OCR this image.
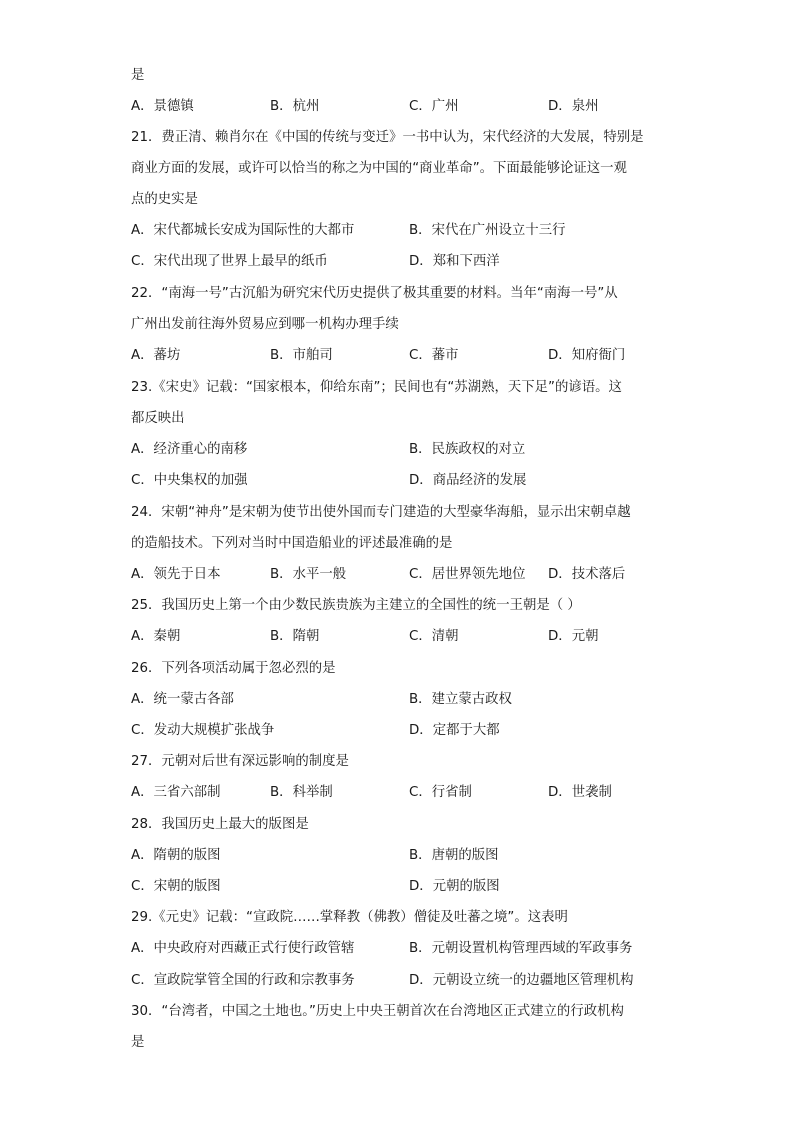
是
A．景德镇	B．杭州	C．广州	D．泉州
21．费正清、赖肖尔在《中国的传统与变迁》一书中认为，宋代经济的大发展，特别是
商业方面的发展，或许可以恰当的称之为中国的“商业革命”。下面最能够论证这一观
点的史实是
A．宋代都城长安成为国际性的大都市	B．宋代在广州设立十三行
C．宋代出现了世界上最早的纸币	D．郑和下西洋
22．“南海一号”古沉船为研究宋代历史提供了极其重要的材料。当年“南海一号”从
广州出发前往海外贸易应到哪一机构办理手续
A．蕃坊	B．市舶司	C．蕃市	D．知府衙门
23.《宋史》记载：“国家根本，仰给东南”；民间也有“苏湖熟，天下足”的谚语。这
都反映出
A．经济重心的南移	B．民族政权的对立
C．中央集权的加强	D．商品经济的发展
24．宋朝“神舟”是宋朝为使节出使外国而专门建造的大型豪华海船，显示出宋朝卓越
的造船技术。下列对当时中国造船业的评述最准确的是
A．领先于日本	B．水平一般	C．居世界领先地位 D．技术落后
25．我国历史上第一个由少数民族贵族为主建立的全国性的统一王朝是（ ）
A．秦朝	B．隋朝	C．清朝	D．元朝
26．下列各项活动属于忽必烈的是
A．统一蒙古各部	B．建立蒙古政权
C．发动大规模扩张战争	D．定都于大都
27．元朝对后世有深远影响的制度是
A．三省六部制	B．科举制	C．行省制	D．世袭制
28．我国历史上最大的版图是
A．隋朝的版图	B．唐朝的版图
C．宋朝的版图	D．元朝的版图
29.《元史》记载：“宣政院……掌释教（佛教）僧徒及吐蕃之境”。这表明
A．中央政府对西藏正式行使行政管辖	B．元朝设置机构管理西域的军政事务
C．宣政院掌管全国的行政和宗教事务	D．元朝设立统一的边疆地区管理机构
30．“台湾者，中国之土地也。”历史上中央王朝首次在台湾地区正式建立的行政机构
是
